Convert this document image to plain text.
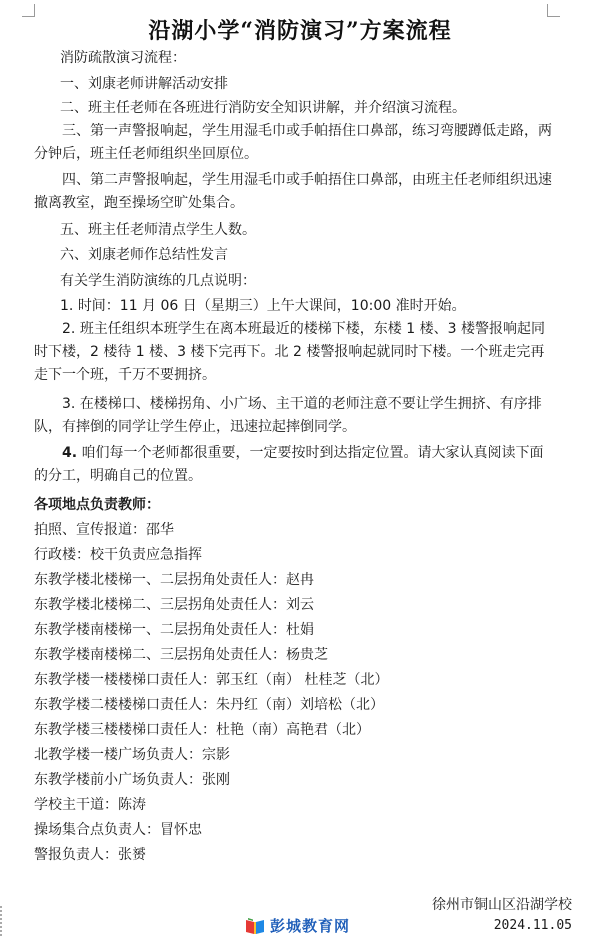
沿湖小学“消防演习”方案流程
消防疏散演习流程：
一、刘康老师讲解活动安排
二、班主任老师在各班进行消防安全知识讲解，并介绍演习流程。
三、第一声警报响起，学生用湿毛巾或手帕捂住口鼻部，练习弯腰蹲低走路，两分钟后，班主任老师组织坐回原位。
四、第二声警报响起，学生用湿毛巾或手帕捂住口鼻部，由班主任老师组织迅速撤离教室，跑至操场空旷处集合。
五、班主任老师清点学生人数。
六、刘康老师作总结性发言
有关学生消防演练的几点说明：
1. 时间：11 月 06 日（星期三）上午大课间，10:00 准时开始。
2. 班主任组织本班学生在离本班最近的楼梯下楼，东楼 1 楼、3 楼警报响起同时下楼，2 楼待 1 楼、3 楼下完再下。北 2 楼警报响起就同时下楼。一个班走完再走下一个班，千万不要拥挤。
3. 在楼梯口、楼梯拐角、小广场、主干道的老师注意不要让学生拥挤、有序排队，有摔倒的同学让学生停止，迅速拉起摔倒同学。
4. 咱们每一个老师都很重要，一定要按时到达指定位置。请大家认真阅读下面的分工，明确自己的位置。
各项地点负责教师：
拍照、宣传报道：邵华
行政楼：校干负责应急指挥
东教学楼北楼梯一、二层拐角处责任人：赵冉
东教学楼北楼梯二、三层拐角处责任人：刘云
东教学楼南楼梯一、二层拐角处责任人：杜娟
东教学楼南楼梯二、三层拐角处责任人：杨贵芝
东教学楼一楼楼梯口责任人：郭玉红（南） 杜桂芝（北）
东教学楼二楼楼梯口责任人：朱丹红（南）刘培松（北）
东教学楼三楼楼梯口责任人：杜艳（南）高艳君（北）
北教学楼一楼广场负责人：宗影
东教学楼前小广场负责人：张刚
学校主干道：陈涛
操场集合点负责人：冒怀忠
警报负责人：张赟
徐州市铜山区沿湖学校
2024.11.05
彭城教育网
